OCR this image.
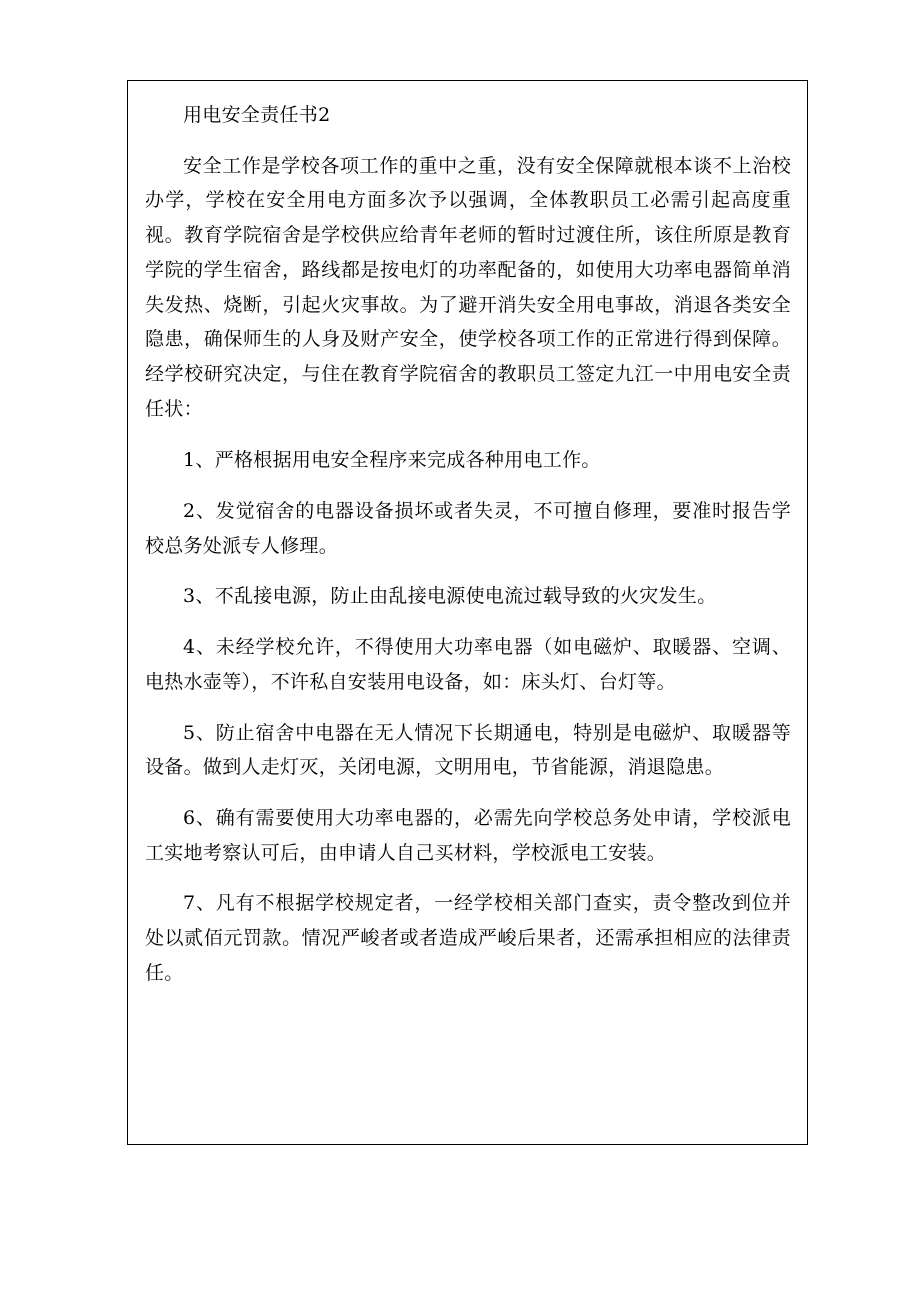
用电安全责任书2

安全工作是学校各项工作的重中之重，没有安全保障就根本谈不上治校办学，学校在安全用电方面多次予以强调，全体教职员工必需引起高度重视。教育学院宿舍是学校供应给青年老师的暂时过渡住所，该住所原是教育学院的学生宿舍，路线都是按电灯的功率配备的，如使用大功率电器简单消失发热、烧断，引起火灾事故。为了避开消失安全用电事故，消退各类安全隐患，确保师生的人身及财产安全，使学校各项工作的正常进行得到保障。经学校研究决定，与住在教育学院宿舍的教职员工签定九江一中用电安全责任状：

1、严格根据用电安全程序来完成各种用电工作。

2、发觉宿舍的电器设备损坏或者失灵，不可擅自修理，要准时报告学校总务处派专人修理。

3、不乱接电源，防止由乱接电源使电流过载导致的火灾发生。

4、未经学校允许，不得使用大功率电器（如电磁炉、取暖器、空调、电热水壶等），不许私自安装用电设备，如：床头灯、台灯等。

5、防止宿舍中电器在无人情况下长期通电，特别是电磁炉、取暖器等设备。做到人走灯灭，关闭电源，文明用电，节省能源，消退隐患。

6、确有需要使用大功率电器的，必需先向学校总务处申请，学校派电工实地考察认可后，由申请人自己买材料，学校派电工安装。

7、凡有不根据学校规定者，一经学校相关部门查实，责令整改到位并处以贰佰元罚款。情况严峻者或者造成严峻后果者，还需承担相应的法律责任。
